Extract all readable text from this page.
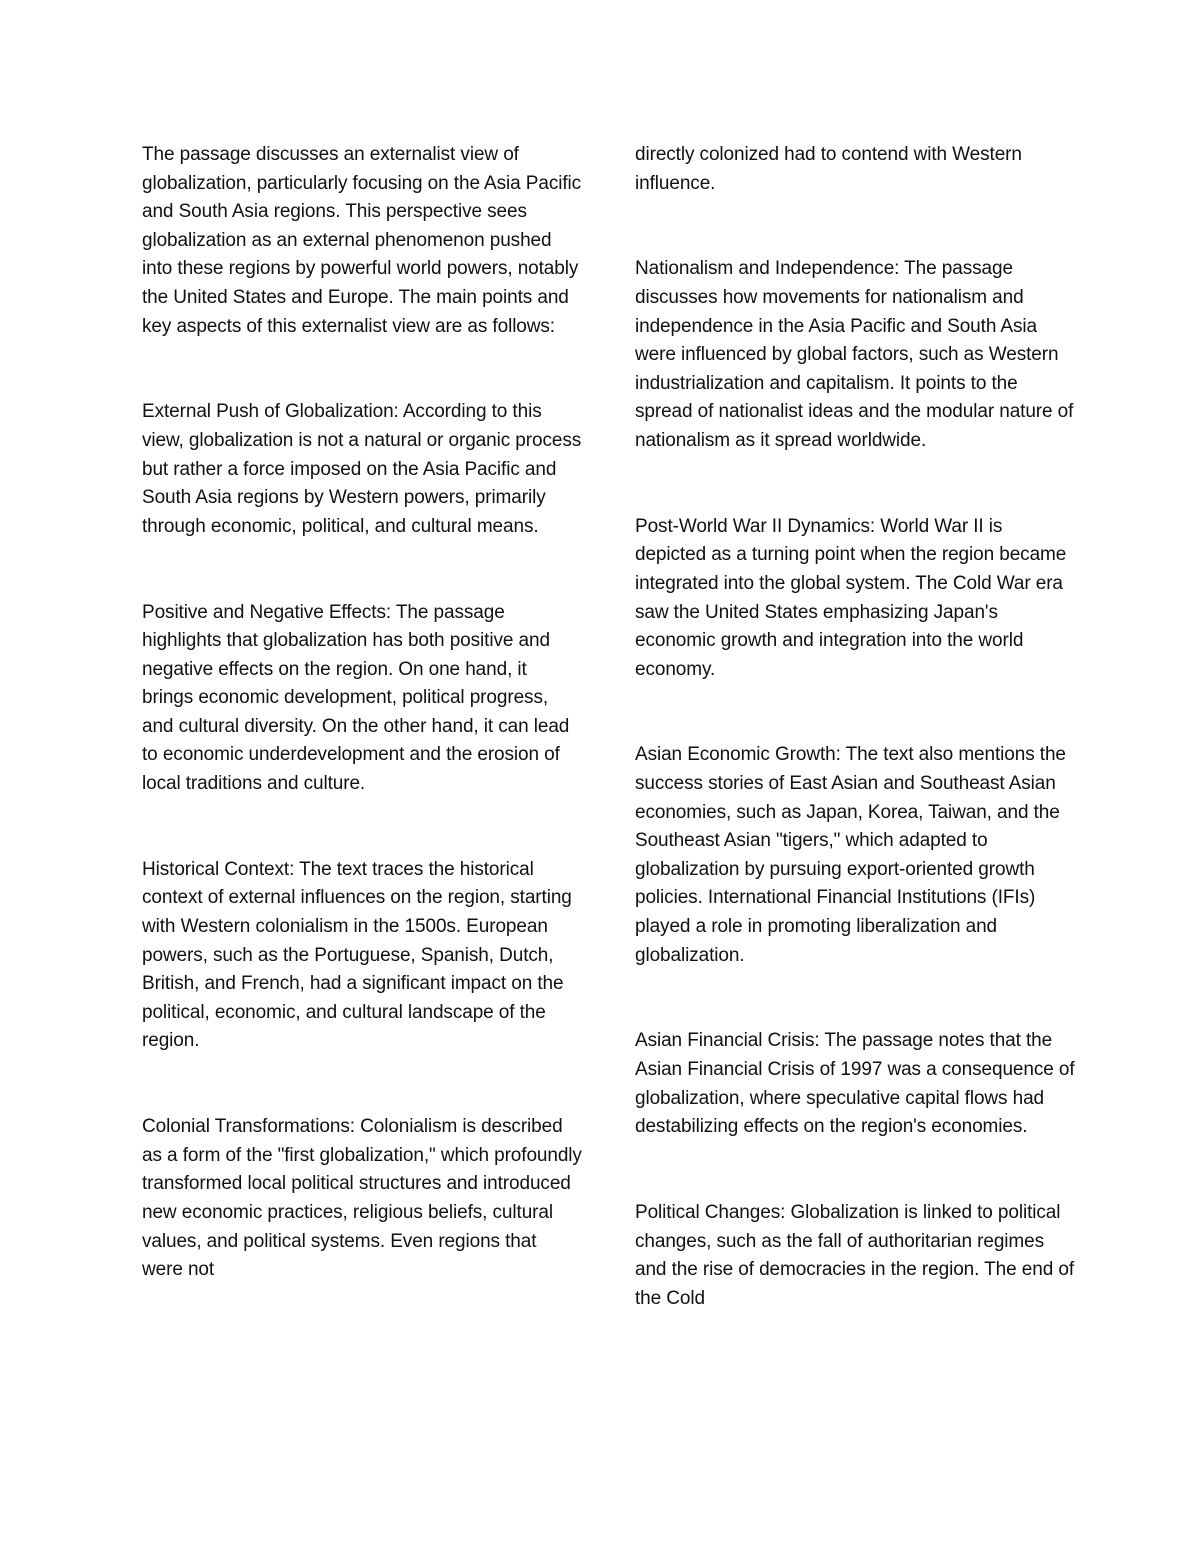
The passage discusses an externalist view of globalization, particularly focusing on the Asia Pacific and South Asia regions. This perspective sees globalization as an external phenomenon pushed into these regions by powerful world powers, notably the United States and Europe. The main points and key aspects of this externalist view are as follows:

External Push of Globalization: According to this view, globalization is not a natural or organic process but rather a force imposed on the Asia Pacific and South Asia regions by Western powers, primarily through economic, political, and cultural means.

Positive and Negative Effects: The passage highlights that globalization has both positive and negative effects on the region. On one hand, it brings economic development, political progress, and cultural diversity. On the other hand, it can lead to economic underdevelopment and the erosion of local traditions and culture.

Historical Context: The text traces the historical context of external influences on the region, starting with Western colonialism in the 1500s. European powers, such as the Portuguese, Spanish, Dutch, British, and French, had a significant impact on the political, economic, and cultural landscape of the region.

Colonial Transformations: Colonialism is described as a form of the "first globalization," which profoundly transformed local political structures and introduced new economic practices, religious beliefs, cultural values, and political systems. Even regions that were not

directly colonized had to contend with Western influence.

Nationalism and Independence: The passage discusses how movements for nationalism and independence in the Asia Pacific and South Asia were influenced by global factors, such as Western industrialization and capitalism. It points to the spread of nationalist ideas and the modular nature of nationalism as it spread worldwide.

Post-World War II Dynamics: World War II is depicted as a turning point when the region became integrated into the global system. The Cold War era saw the United States emphasizing Japan's economic growth and integration into the world economy.

Asian Economic Growth: The text also mentions the success stories of East Asian and Southeast Asian economies, such as Japan, Korea, Taiwan, and the Southeast Asian "tigers," which adapted to globalization by pursuing export-oriented growth policies. International Financial Institutions (IFIs) played a role in promoting liberalization and globalization.

Asian Financial Crisis: The passage notes that the Asian Financial Crisis of 1997 was a consequence of globalization, where speculative capital flows had destabilizing effects on the region's economies.

Political Changes: Globalization is linked to political changes, such as the fall of authoritarian regimes and the rise of democracies in the region. The end of the Cold
